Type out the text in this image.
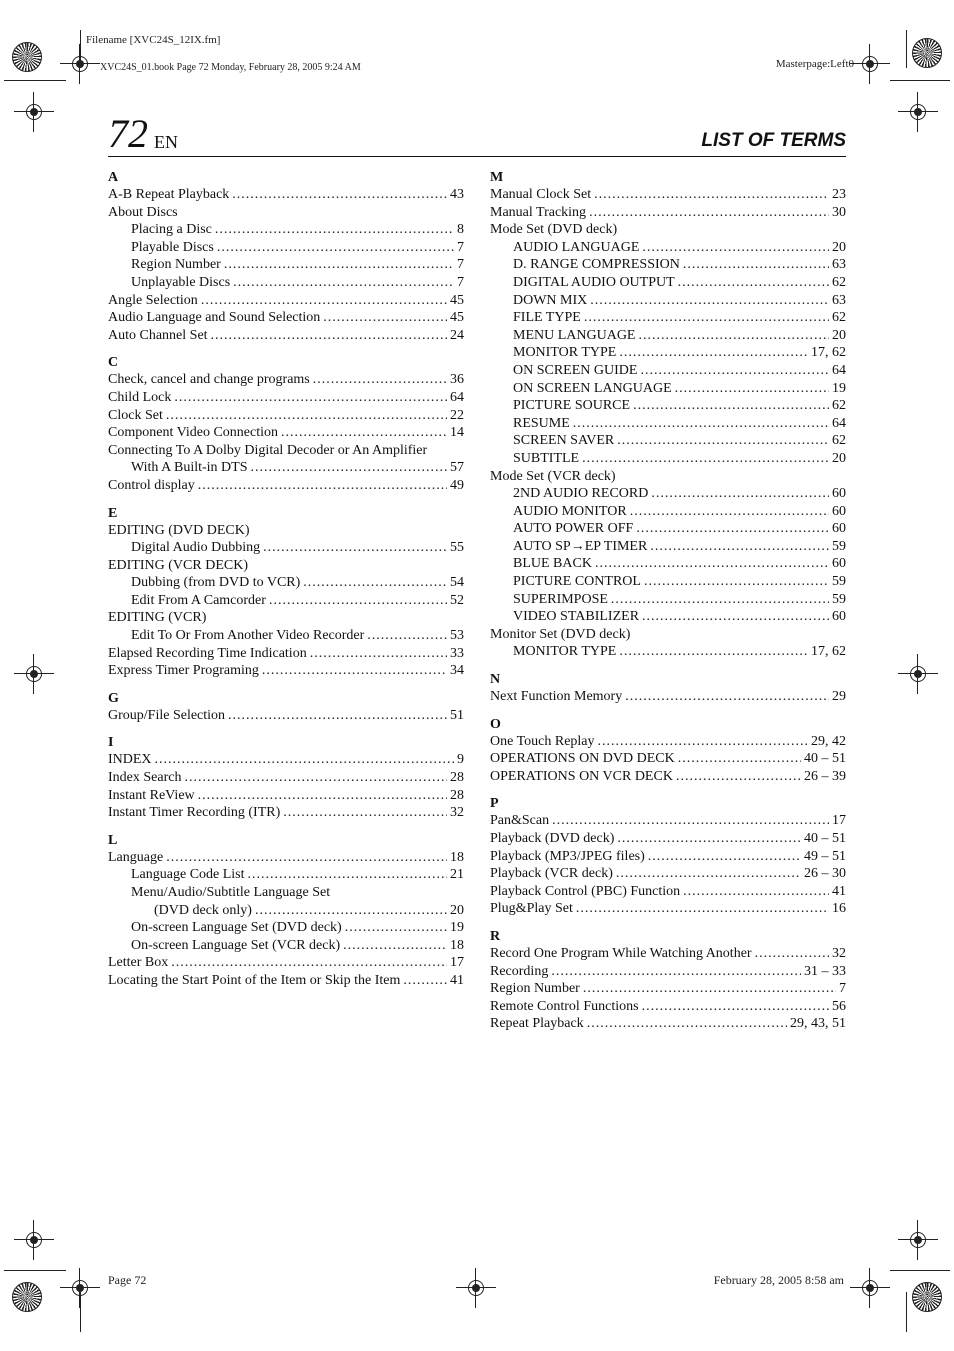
Filename [XVC24S_12IX.fm]
XVC24S_01.book Page 72 Monday, February 28, 2005 9:24 AM	Masterpage:Left0
72 EN	LIST OF TERMS
A
A-B Repeat Playback .....	43
About Discs
Placing a Disc .....	8
Playable Discs .....	7
Region Number .....	7
Unplayable Discs .....	7
Angle Selection .....	45
Audio Language and Sound Selection .....	45
Auto Channel Set .....	24
C
Check, cancel and change programs .....	36
Child Lock .....	64
Clock Set .....	22
Component Video Connection .....	14
Connecting To A Dolby Digital Decoder or An Amplifier
With A Built-in DTS .....	57
Control display .....	49
E
EDITING (DVD DECK)
Digital Audio Dubbing .....	55
EDITING (VCR DECK)
Dubbing (from DVD to VCR) .....	54
Edit From A Camcorder .....	52
EDITING (VCR)
Edit To Or From Another Video Recorder .....	53
Elapsed Recording Time Indication .....	33
Express Timer Programing .....	34
G
Group/File Selection .....	51
I
INDEX .....	9
Index Search .....	28
Instant ReView .....	28
Instant Timer Recording (ITR) .....	32
L
Language .....	18
Language Code List .....	21
Menu/Audio/Subtitle Language Set
(DVD deck only) .....	20
On-screen Language Set (DVD deck) .....	19
On-screen Language Set (VCR deck) .....	18
Letter Box .....	17
Locating the Start Point of the Item or Skip the Item .....	41
M
Manual Clock Set .....	23
Manual Tracking .....	30
Mode Set (DVD deck)
AUDIO LANGUAGE .....	20
D. RANGE COMPRESSION .....	63
DIGITAL AUDIO OUTPUT .....	62
DOWN MIX .....	63
FILE TYPE .....	62
MENU LANGUAGE .....	20
MONITOR TYPE .....	17, 62
ON SCREEN GUIDE .....	64
ON SCREEN LANGUAGE .....	19
PICTURE SOURCE .....	62
RESUME .....	64
SCREEN SAVER .....	62
SUBTITLE .....	20
Mode Set (VCR deck)
2ND AUDIO RECORD .....	60
AUDIO MONITOR .....	60
AUTO POWER OFF .....	60
AUTO SP→EP TIMER .....	59
BLUE BACK .....	60
PICTURE CONTROL .....	59
SUPERIMPOSE .....	59
VIDEO STABILIZER .....	60
Monitor Set (DVD deck)
MONITOR TYPE .....	17, 62
N
Next Function Memory .....	29
O
One Touch Replay .....	29, 42
OPERATIONS ON DVD DECK .....	40 – 51
OPERATIONS ON VCR DECK .....	26 – 39
P
Pan&Scan .....	17
Playback (DVD deck) .....	40 – 51
Playback (MP3/JPEG files) .....	49 – 51
Playback (VCR deck) .....	26 – 30
Playback Control (PBC) Function .....	41
Plug&Play Set .....	16
R
Record One Program While Watching Another .....	32
Recording .....	31 – 33
Region Number .....	7
Remote Control Functions .....	56
Repeat Playback .....	29, 43, 51
Page 72	February 28, 2005 8:58 am
